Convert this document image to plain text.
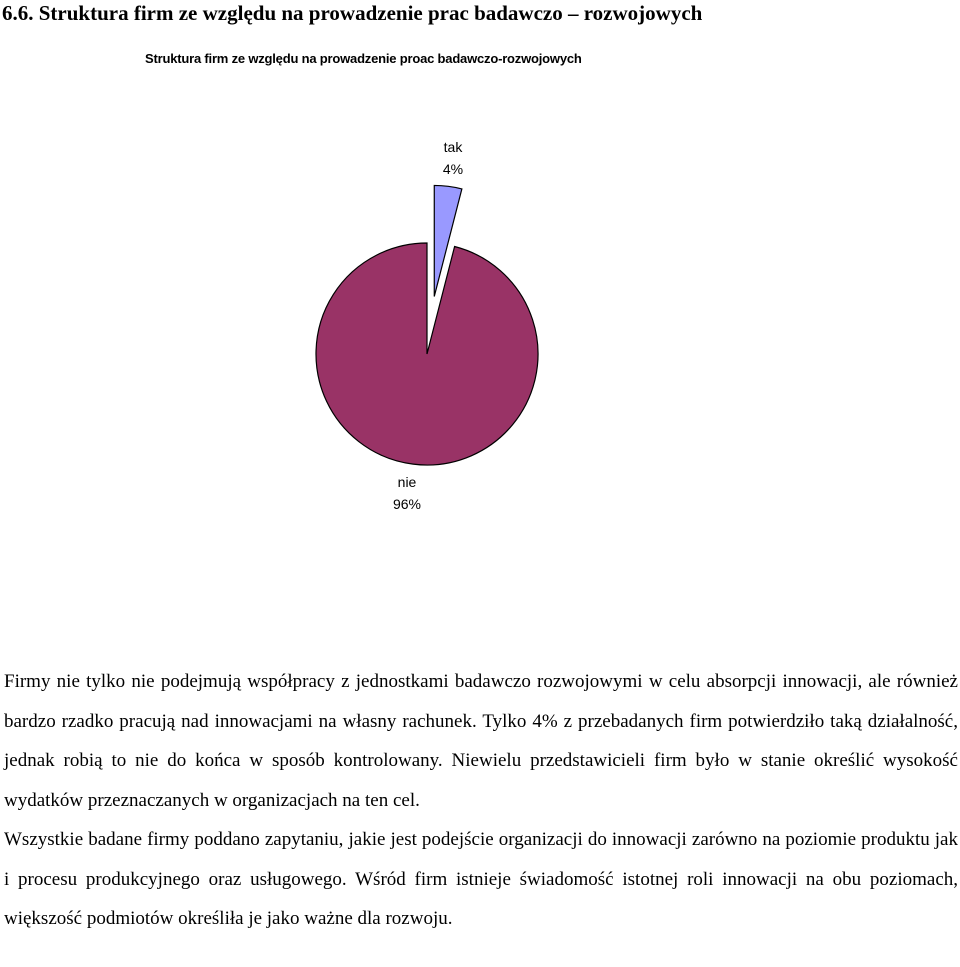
6.6. Struktura firm ze względu na prowadzenie prac badawczo – rozwojowych
Struktura firm ze względu na prowadzenie proac badawczo-rozwojowych
tak
4%
nie
96%

Firmy nie tylko nie podejmują współpracy z jednostkami badawczo rozwojowymi w celu absorpcji innowacji, ale również bardzo rzadko pracują nad innowacjami na własny rachunek. Tylko 4% z przebadanych firm potwierdziło taką działalność, jednak robią to nie do końca w sposób kontrolowany. Niewielu przedstawicieli firm było w stanie określić wysokość wydatków przeznaczanych w organizacjach na ten cel.

Wszystkie badane firmy poddano zapytaniu, jakie jest podejście organizacji do innowacji zarówno na poziomie produktu jak i procesu produkcyjnego oraz usługowego. Wśród firm istnieje świadomość istotnej roli innowacji na obu poziomach, większość podmiotów określiła je jako ważne dla rozwoju.
